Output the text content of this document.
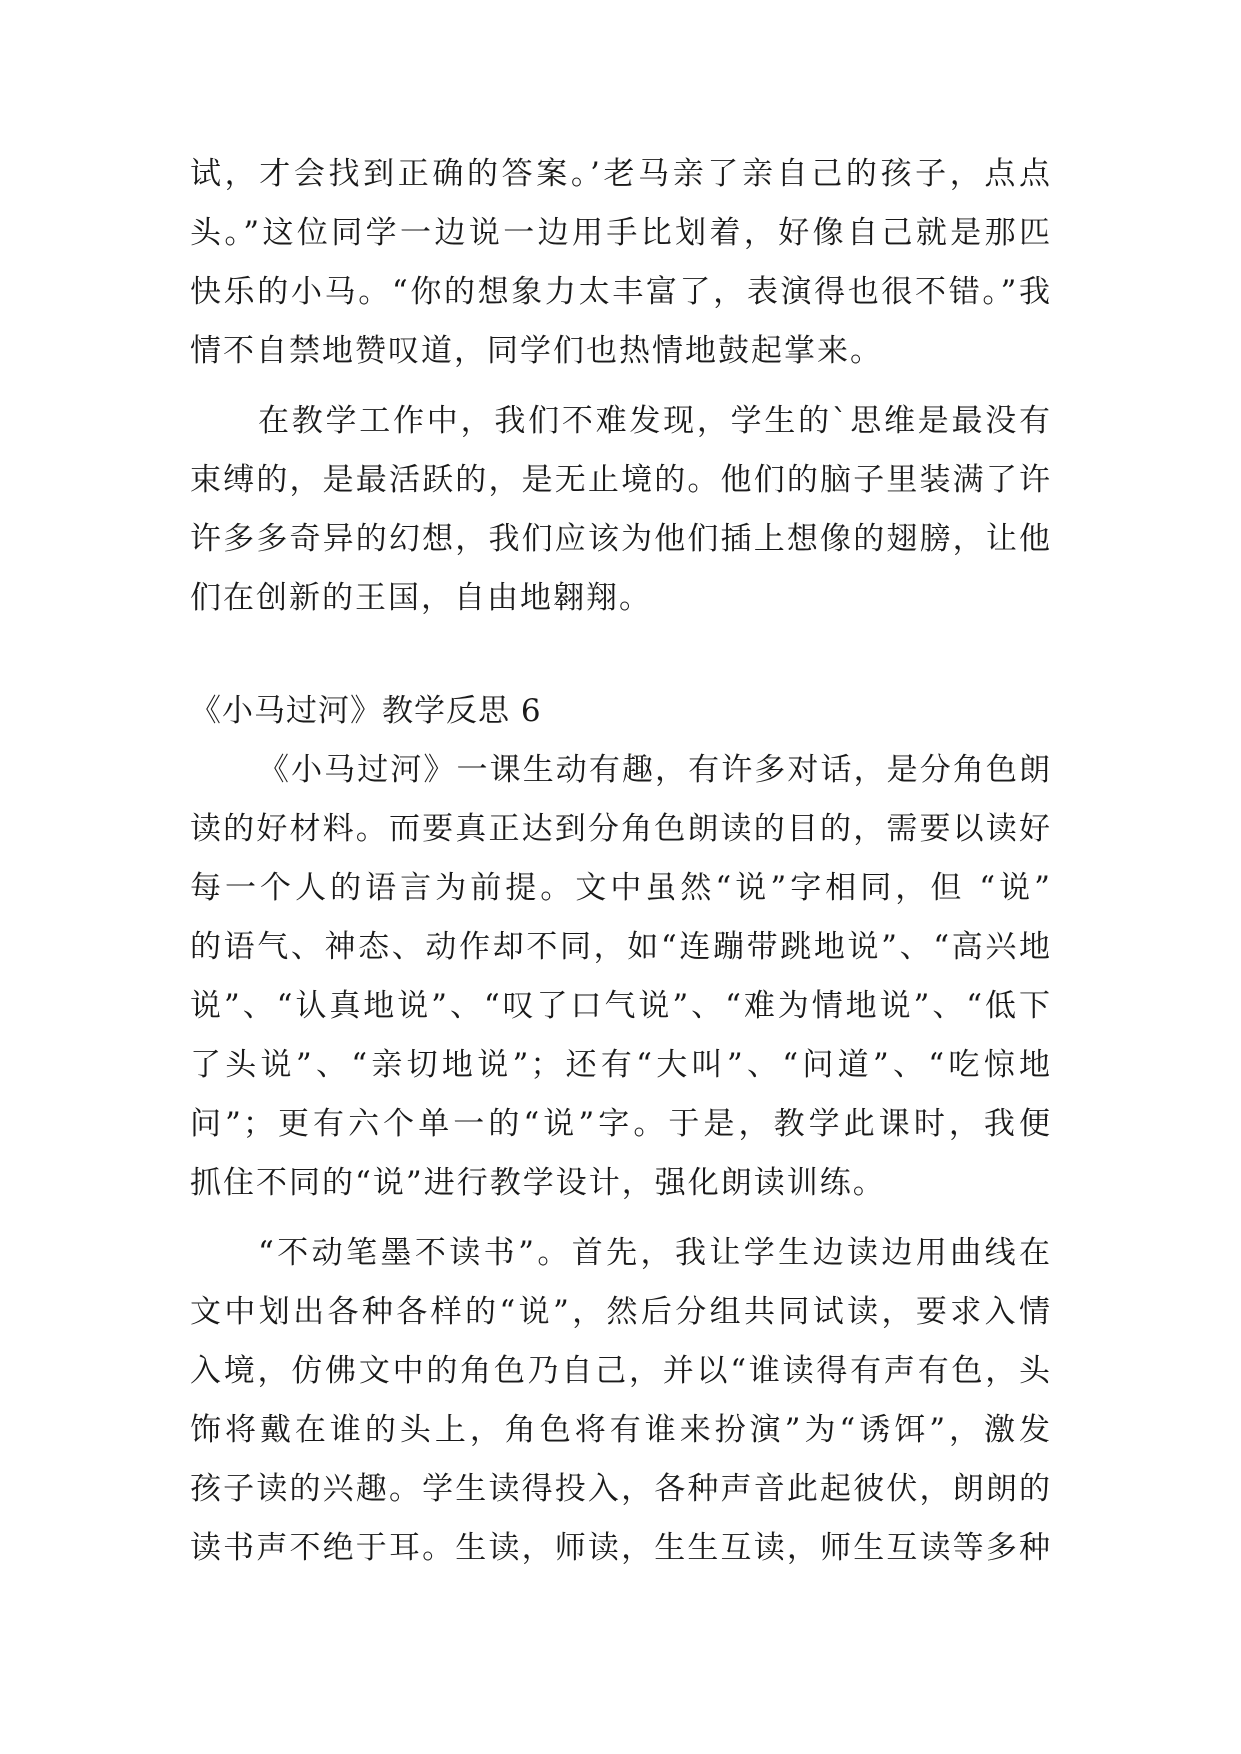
试，才会找到正确的答案。’老马亲了亲自己的孩子，点点
头。”这位同学一边说一边用手比划着，好像自己就是那匹
快乐的小马。“你的想象力太丰富了，表演得也很不错。”我
情不自禁地赞叹道，同学们也热情地鼓起掌来。
在教学工作中，我们不难发现，学生的`思维是最没有
束缚的，是最活跃的，是无止境的。他们的脑子里装满了许
许多多奇异的幻想，我们应该为他们插上想像的翅膀，让他
们在创新的王国，自由地翱翔。
《小马过河》教学反思 6
《小马过河》一课生动有趣，有许多对话，是分角色朗
读的好材料。而要真正达到分角色朗读的目的，需要以读好
每一个人的语言为前提。文中虽然“说”字相同，但 “说”
的语气、神态、动作却不同，如“连蹦带跳地说”、“高兴地
说”、“认真地说”、“叹了口气说”、“难为情地说”、“低下
了头说”、“亲切地说”；还有“大叫”、“问道”、“吃惊地
问”；更有六个单一的“说”字。于是，教学此课时，我便
抓住不同的“说”进行教学设计，强化朗读训练。
“不动笔墨不读书”。首先，我让学生边读边用曲线在
文中划出各种各样的“说”，然后分组共同试读，要求入情
入境，仿佛文中的角色乃自己，并以“谁读得有声有色，头
饰将戴在谁的头上，角色将有谁来扮演”为“诱饵”，激发
孩子读的兴趣。学生读得投入，各种声音此起彼伏，朗朗的
读书声不绝于耳。生读，师读，生生互读，师生互读等多种
